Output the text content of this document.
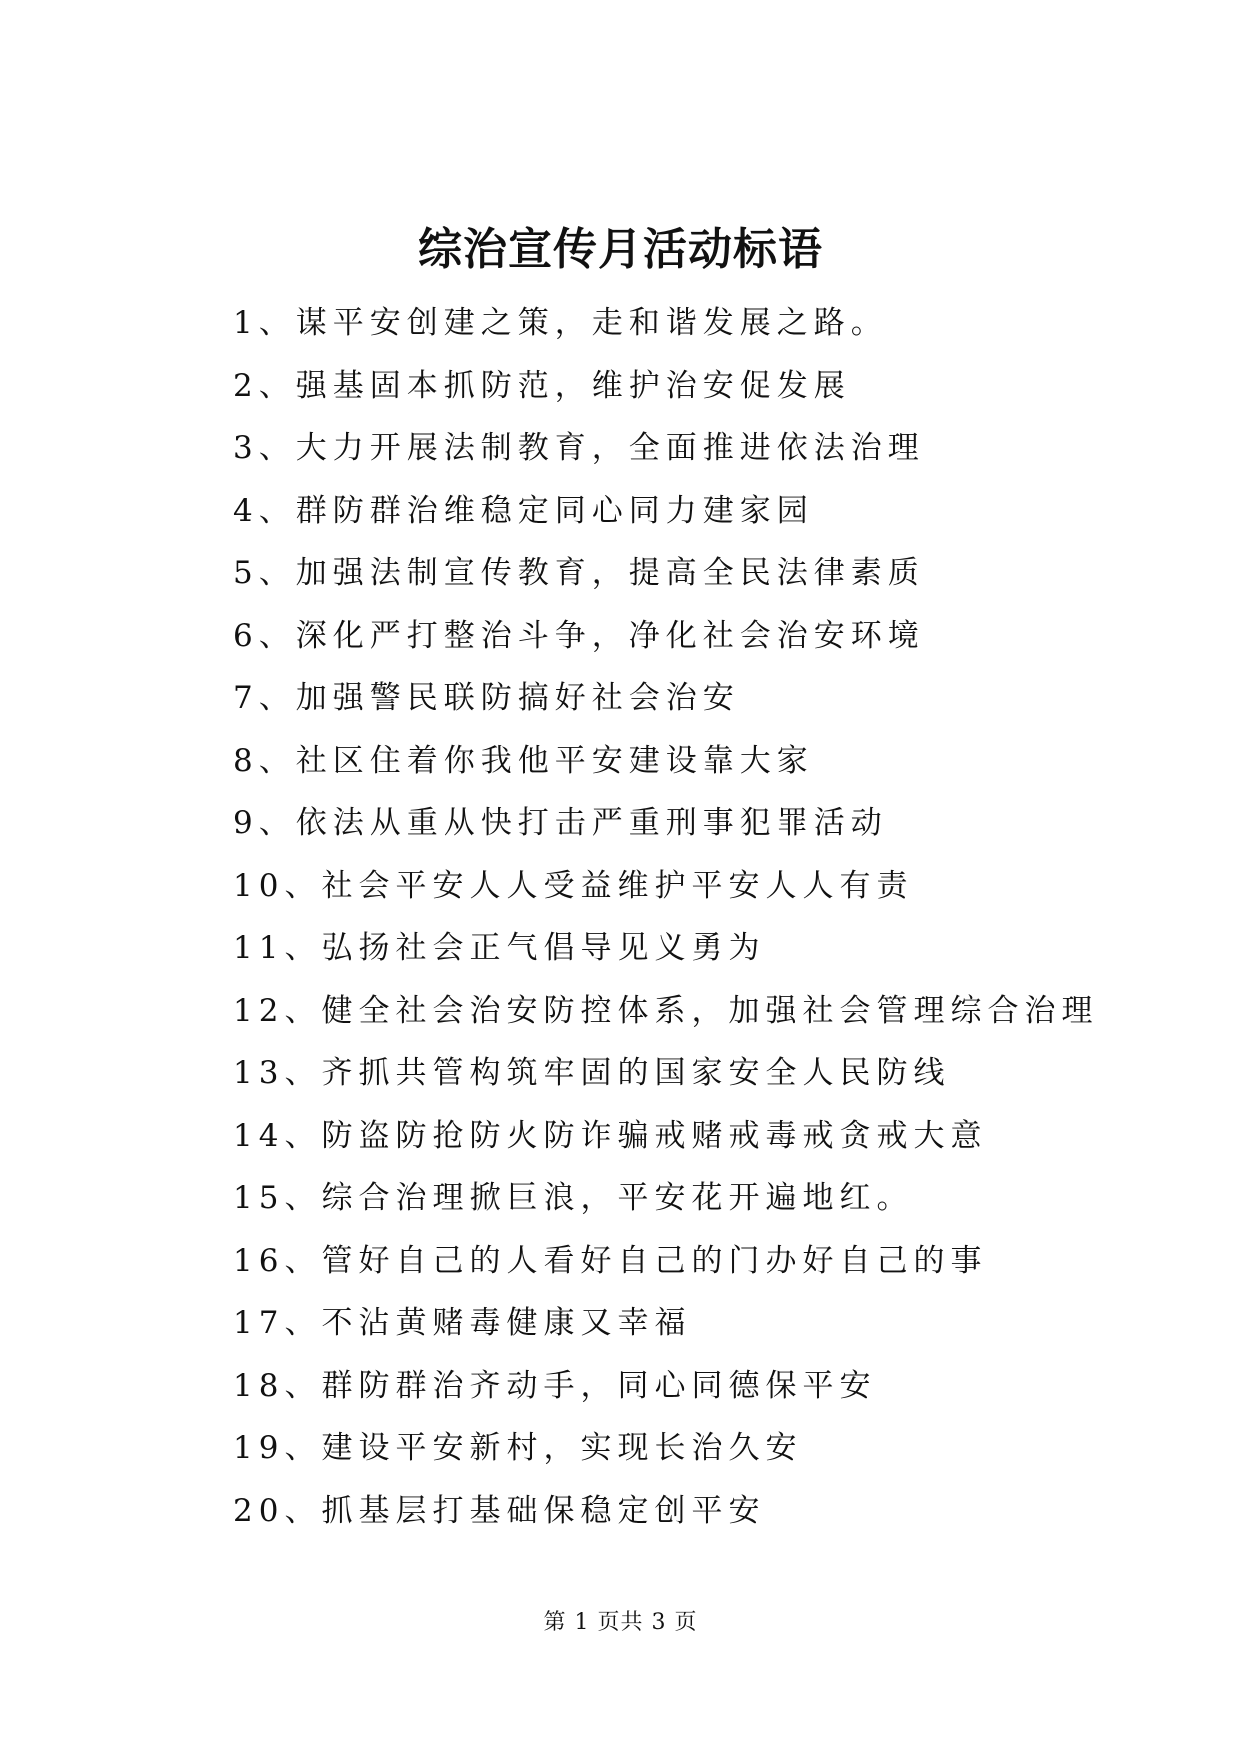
综治宣传月活动标语
1、谋平安创建之策，走和谐发展之路。
2、强基固本抓防范，维护治安促发展
3、大力开展法制教育，全面推进依法治理
4、群防群治维稳定同心同力建家园
5、加强法制宣传教育，提高全民法律素质
6、深化严打整治斗争，净化社会治安环境
7、加强警民联防搞好社会治安
8、社区住着你我他平安建设靠大家
9、依法从重从快打击严重刑事犯罪活动
10、社会平安人人受益维护平安人人有责
11、弘扬社会正气倡导见义勇为
12、健全社会治安防控体系，加强社会管理综合治理
13、齐抓共管构筑牢固的国家安全人民防线
14、防盗防抢防火防诈骗戒赌戒毒戒贪戒大意
15、综合治理掀巨浪，平安花开遍地红。
16、管好自己的人看好自己的门办好自己的事
17、不沾黄赌毒健康又幸福
18、群防群治齐动手，同心同德保平安
19、建设平安新村，实现长治久安
20、抓基层打基础保稳定创平安
第 1 页共 3 页
